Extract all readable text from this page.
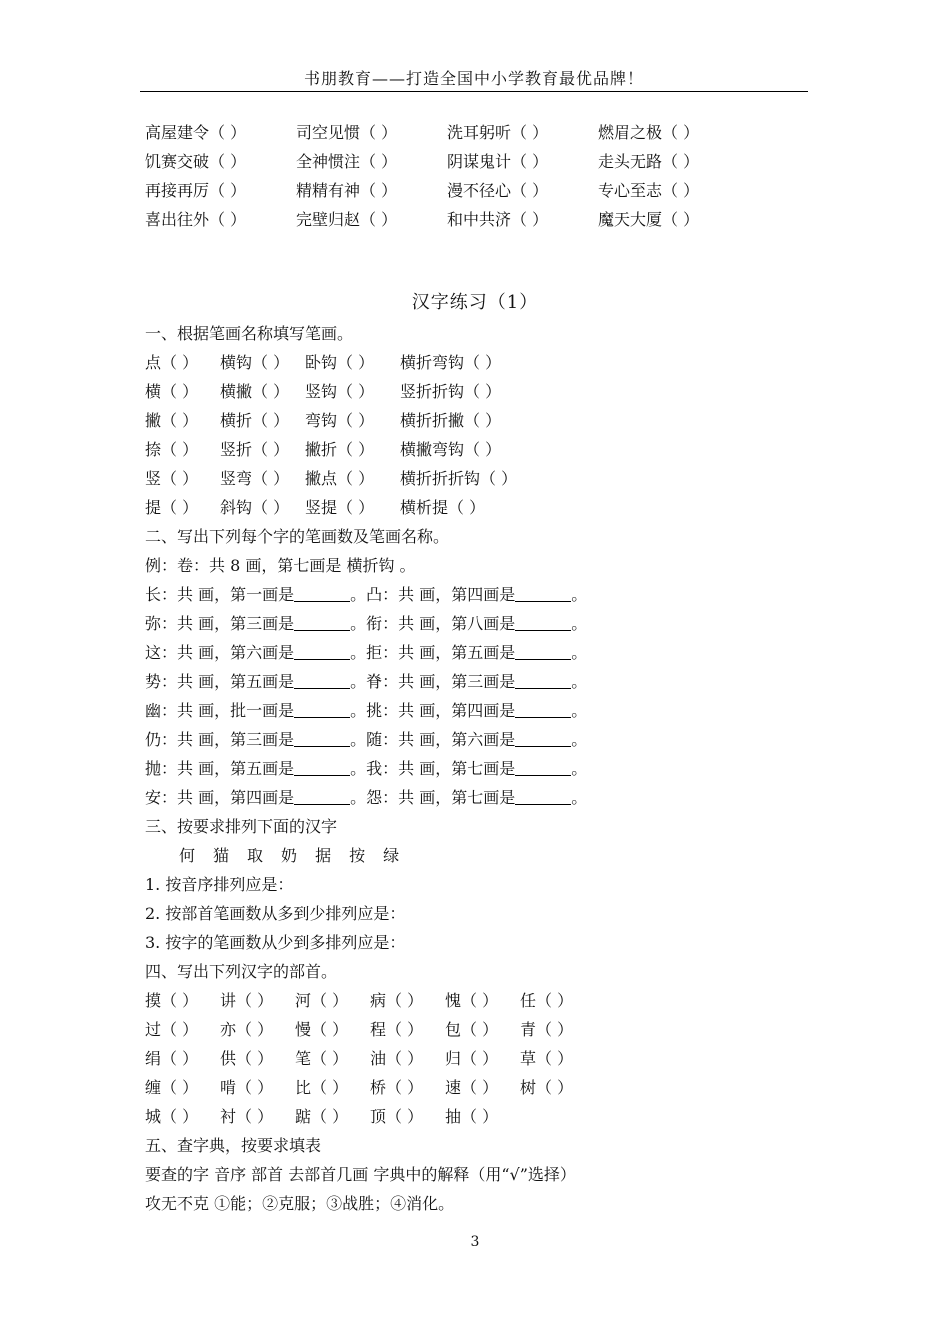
书朋教育——打造全国中小学教育最优品牌！
高屋建令（ ）	司空见惯（ ）	洗耳躬听（ ）	燃眉之极（ ）
饥赛交破（ ）	全神惯注（ ）	阴谋鬼计（ ）	走头无路（ ）
再接再厉（ ）	精精有神（ ）	漫不径心（ ）	专心至志（ ）
喜出往外（ ）	完壁归赵（ ）	和中共济（ ）	魔天大厦（ ）
汉字练习（1）
一、根据笔画名称填写笔画。
点（ ） 横钩（ ） 卧钩（ ） 横折弯钩（ ）
横（ ） 横撇（ ） 竖钩（ ） 竖折折钩（ ）
撇（ ） 横折（ ） 弯钩（ ） 横折折撇（ ）
捺（ ） 竖折（ ） 撇折（ ） 横撇弯钩（ ）
竖（ ） 竖弯（ ） 撇点（ ） 横折折折钩（ ）
提（ ） 斜钩（ ） 竖提（ ） 横析提（ ）
二、写出下列每个字的笔画数及笔画名称。
例：卷：共 8 画，第七画是 横折钩 。
长：共 画，第一画是	。凸：共 画，第四画是	。
弥：共 画，第三画是	。衔：共 画，第八画是	。
这：共 画，第六画是	。拒：共 画，第五画是	。
势：共 画，第五画是	。脊：共 画，第三画是	。
幽：共 画，批一画是	。挑：共 画，第四画是	。
仍：共 画，第三画是	。随：共 画，第六画是	。
抛：共 画，第五画是	。我：共 画，第七画是	。
安：共 画，第四画是	。怨：共 画，第七画是	。
三、按要求排列下面的汉字
何 猫 取 奶 据 按 绿
1. 按音序排列应是：
2. 按部首笔画数从多到少排列应是：
3. 按字的笔画数从少到多排列应是：
四、写出下列汉字的部首。
摸（ ） 讲（ ） 河（ ） 病（ ） 愧（ ） 任（ ）
过（ ） 亦（ ） 慢（ ） 程（ ） 包（ ） 青（ ）
绢（ ） 供（ ） 笔（ ） 油（ ） 归（ ） 草（ ）
缠（ ） 啃（ ） 比（ ） 桥（ ） 速（ ） 树（ ）
城（ ） 衬（ ） 踮（ ） 顶（ ） 抽（ ）
五、查字典，按要求填表
要查的字 音序 部首 去部首几画 字典中的解释（用“√”选择）
攻无不克 ①能；②克服；③战胜；④消化。
3
